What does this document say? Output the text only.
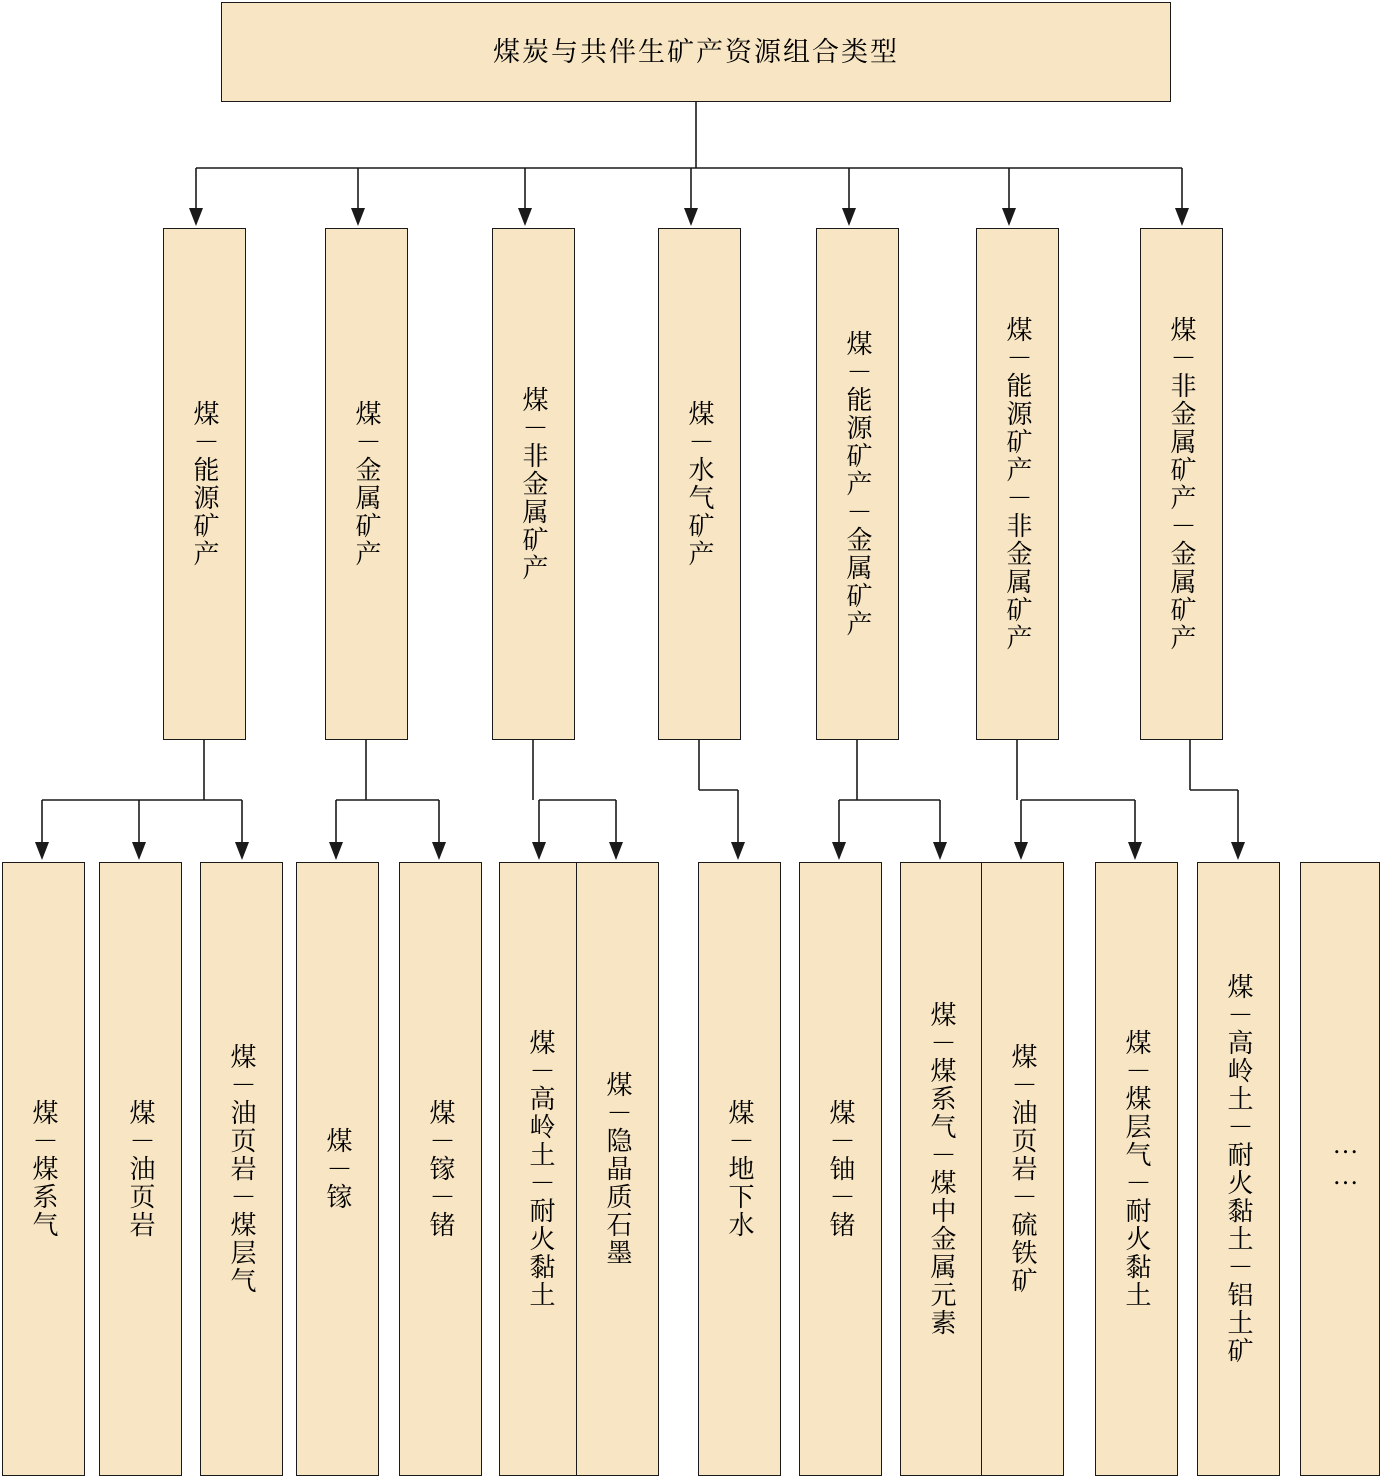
煤炭与共伴生矿产资源组合类型
煤－能源矿产	煤－金属矿产	煤－非金属矿产	煤－水气矿产	煤－能源矿产－金属矿产	煤－能源矿产－非金属矿产	煤－非金属矿产－金属矿产
煤－煤系气	煤－油页岩	煤－油页岩－煤层气	煤－镓	煤－镓－锗	煤－高岭土－耐火黏土 煤－隐晶质石墨	煤－地下水	煤－铀－锗	煤－煤系气－煤中金属元素 煤－油页岩－硫铁矿	煤－煤层气－耐火黏土	煤－高岭土－耐火黏土－铝土矿	……
